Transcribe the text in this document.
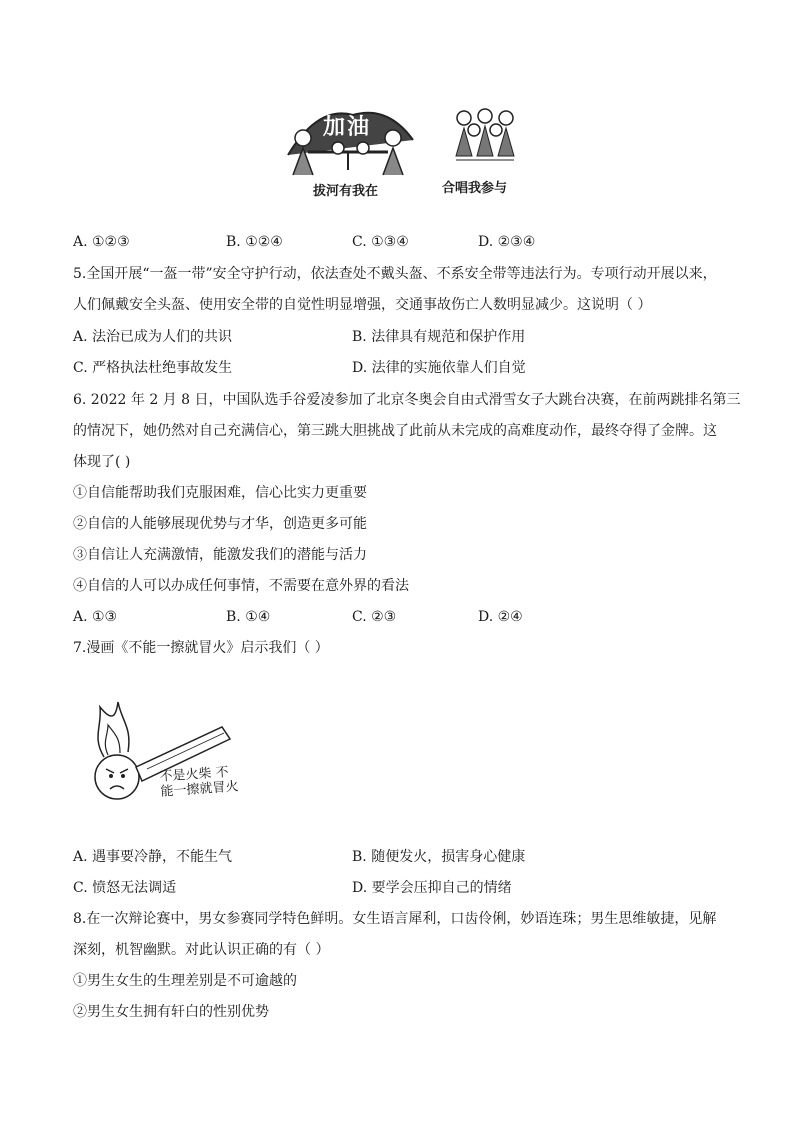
加油
拔河有我在	合唱我参与
A. ①②③	B. ①②④	C. ①③④	D. ②③④
5.全国开展“一盔一带”安全守护行动，依法查处不戴头盔、不系安全带等违法行为。专项行动开展以来，
人们佩戴安全头盔、使用安全带的自觉性明显增强，交通事故伤亡人数明显减少。这说明（ ）
A. 法治已成为人们的共识	B. 法律具有规范和保护作用
C. 严格执法杜绝事故发生	D. 法律的实施依靠人们自觉
6. 2022 年 2 月 8 日，中国队选手谷爱凌参加了北京冬奥会自由式滑雪女子大跳台决赛，在前两跳排名第三
的情况下，她仍然对自己充满信心，第三跳大胆挑战了此前从未完成的高难度动作，最终夺得了金牌。这
体现了( )
①自信能帮助我们克服困难，信心比实力更重要
②自信的人能够展现优势与才华，创造更多可能
③自信让人充满激情，能激发我们的潜能与活力
④自信的人可以办成任何事情，不需要在意外界的看法
A. ①③	B. ①④	C. ②③	D. ②④
7.漫画《不能一擦就冒火》启示我们（ ）
不是火柴 不能一擦就冒火
A. 遇事要冷静，不能生气	B. 随便发火，损害身心健康
C. 愤怒无法调适	D. 要学会压抑自己的情绪
8.在一次辩论赛中，男女参赛同学特色鲜明。女生语言犀利，口齿伶俐，妙语连珠；男生思维敏捷，见解
深刻，机智幽默。对此认识正确的有（ ）
①男生女生的生理差别是不可逾越的
②男生女生拥有轩白的性别优势
